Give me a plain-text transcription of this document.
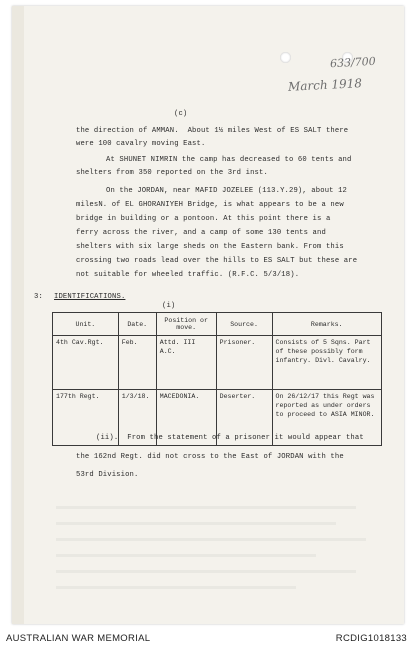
633/700
March 1918
(c)
the direction of AMMAN.  About 1½ miles West of ES SALT there
were 100 cavalry moving East.
At SHUNET NIMRIN the camp has decreased to 60 tents and
shelters from 350 reported on the 3rd inst.
On the JORDAN, near MAFID JOZELEE (113.Y.29), about 12
milesN. of EL GHORANIYEH Bridge, is what appears to be a new
bridge in building or a pontoon. At this point there is a
ferry across the river, and a camp of some 130 tents and
shelters with six large sheds on the Eastern bank. From this
crossing two roads lead over the hills to ES SALT but these are
not suitable for wheeled traffic. (R.F.C. 5/3/18).
3: IDENTIFICATIONS.
(i)
Unit.	Date.	Position or move.	Source.	Remarks.
4th Cav.Rgt.	Feb.	Attd. III A.C.	Prisoner.	Consists of 5 Sqns. Part of these possibly form infantry. Divl. Cavalry.
177th Regt.	1/3/18.	MACEDONIA.	Deserter.	On 26/12/17 this Regt was reported as under orders to proceed to ASIA MINOR.
(ii).  From the statement of a prisoner it would appear that
the 162nd Regt. did not cross to the East of JORDAN with the
53rd Division.
AUSTRALIAN WAR MEMORIAL	RCDIG1018133
